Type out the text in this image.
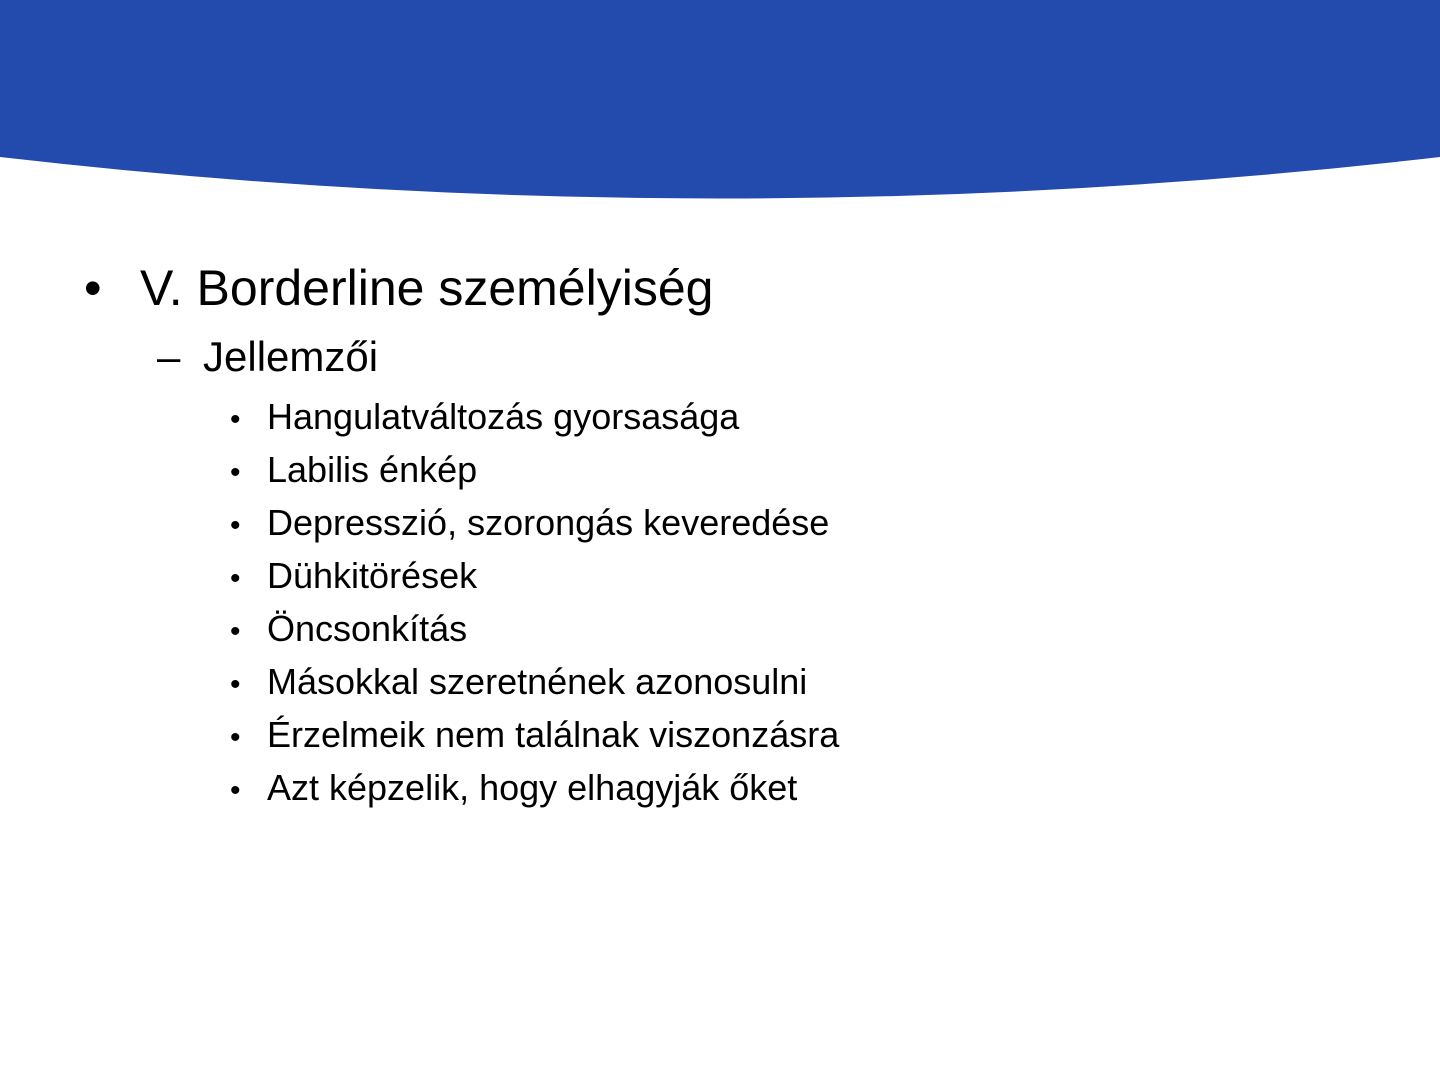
• V. Borderline személyiség
– Jellemzői
• Hangulatváltozás gyorsasága
• Labilis énkép
• Depresszió, szorongás keveredése
• Dühkitörések
• Öncsonkítás
• Másokkal szeretnének azonosulni
• Érzelmeik nem találnak viszonzásra
• Azt képzelik, hogy elhagyják őket
